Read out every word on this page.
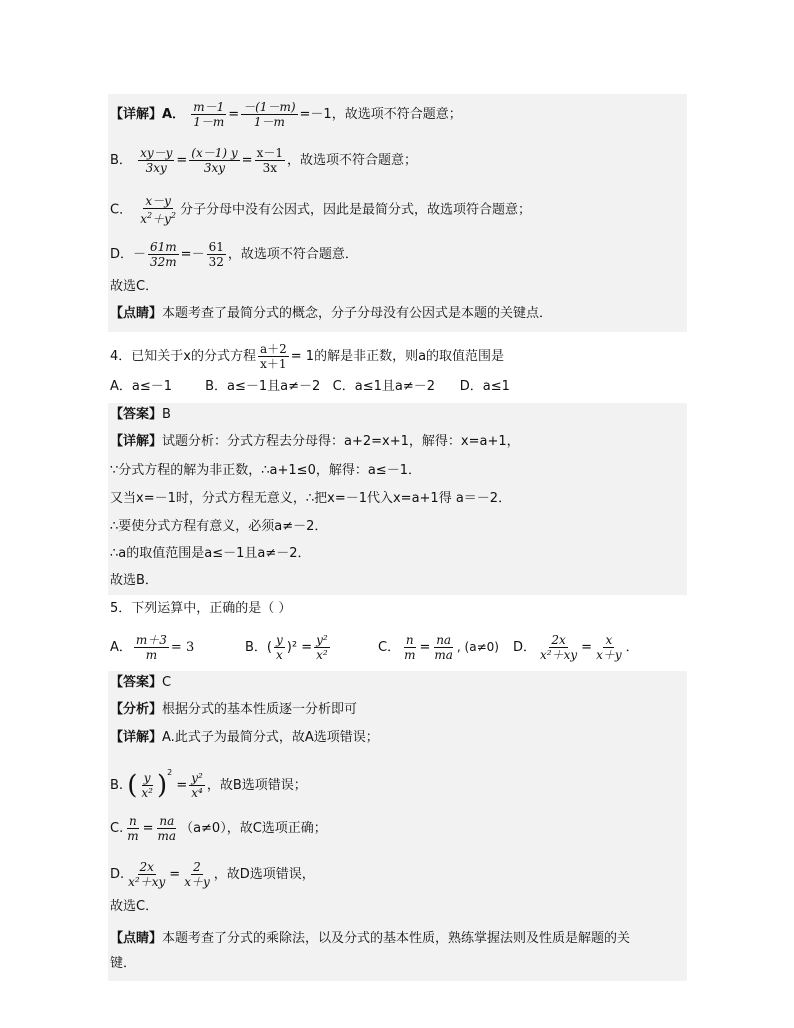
【详解】A． $\frac{m-1}{1-m} = \frac{-(1-m)}{1-m} =-1$，故选项不符合题意；
B． $\frac{xy-y}{3xy} = \frac{(x-1) y}{3xy} = \frac{x-1}{3x}$ ，故选项不符合题意；
C． $\frac{x-y}{x^2+y^2}$ 分子分母中没有公因式，因此是最简分式，故选项符合题意；
D．－ $\frac{61m}{32m} =- \frac{61}{32}$ ，故选项不符合题意．
故选C．
【点睛】本题考查了最简分式的概念，分子分母没有公因式是本题的关键点．
4．已知关于x的分式方程 $\frac{a+2}{x+1} = 1$的解是非正数，则a的取值范围是
A．a≤－1        B．a≤－1且a≠－2   C．a≤1且a≠－2      D．a≤1
【答案】B
【详解】试题分析：分式方程去分母得：a+2=x+1，解得：x=a+1，
∵分式方程的解为非正数，∴a+1≤0，解得：a≤－1．
又当x=－1时，分式方程无意义，∴把x=－1代入x=a+1得 a＝－2．
∴要使分式方程有意义，必须a≠－2．
∴a的取值范围是a≤－1且a≠－2．
故选B．
5．下列运算中，正确的是（ ）
A． $\frac{m+3}{m} = 3$	B．( $\frac{y}{x} )^2 = \frac{\text{y²}}{\text{x²}}$	C． $\frac{n}{m} = \frac{na}{ma}$ , (a≠0) D． $\frac{2x}{\text{x²＋xy}} = \frac{x}{x+y}$ ．
【答案】C
【分析】根据分式的基本性质逐一分析即可
【详解】A.此式子为最简分式，故A选项错误；
B. ( $\frac{y}{\text{x²}} )^2 = \frac{\text{y²}}{\text{x⁴}}$ ，故B选项错误；
C. $\frac{n}{m} = \frac{na}{ma} (a\ne 0)$，故C选项正确；
D. $\frac{2x}{\text{x²＋xy}} = \frac{2}{x+y}$ ，故D选项错误，
故选C．
【点睛】本题考查了分式的乘除法，以及分式的基本性质，熟练掌握法则及性质是解题的关
键．
